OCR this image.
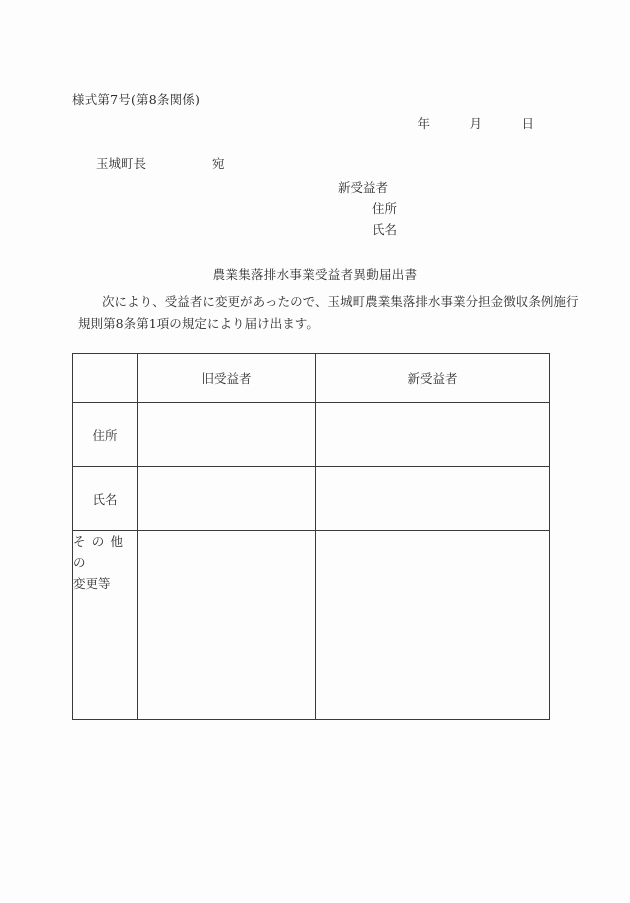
様式第7号(第8条関係)
年	月	日
玉城町長	宛
新受益者
住所
氏名
農業集落排水事業受益者異動届出書
次により、受益者に変更があったので、玉城町農業集落排水事業分担金徴収条例施行
規則第8条第1項の規定により届け出ます。
	旧受益者	新受益者
住所		
氏名		

そ の 他 の
変更等		
